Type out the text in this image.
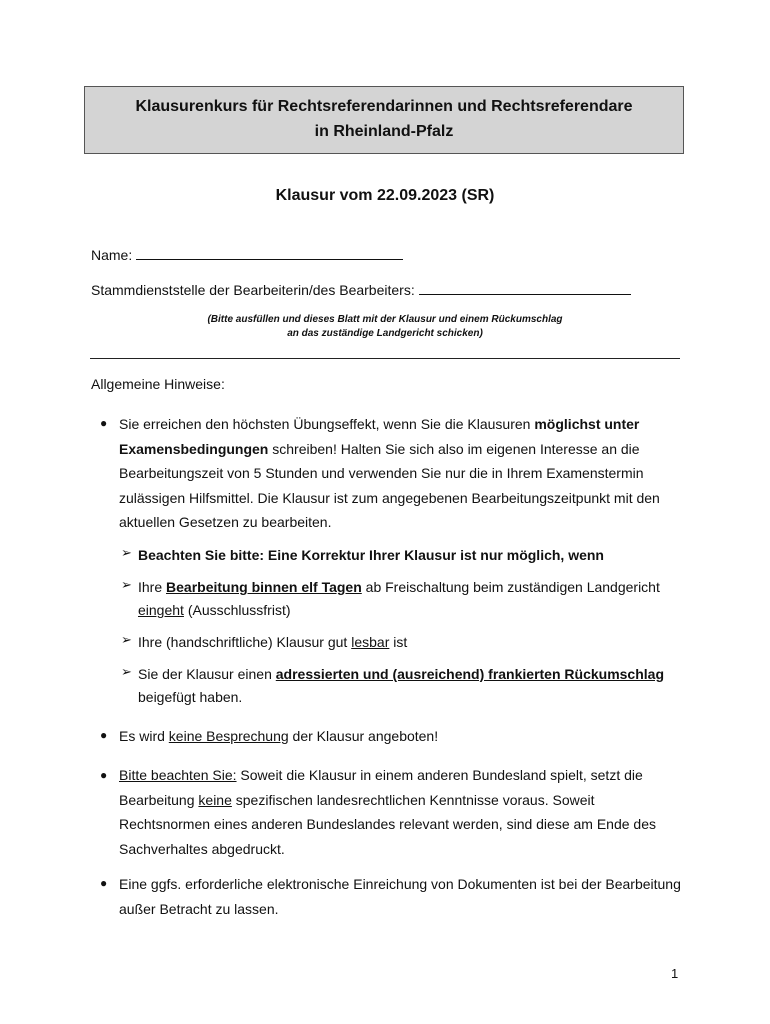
Klausurenkurs für Rechtsreferendarinnen und Rechtsreferendare
in Rheinland-Pfalz
Klausur vom 22.09.2023 (SR)
Name:
Stammdienststelle der Bearbeiterin/des Bearbeiters:
(Bitte ausfüllen und dieses Blatt mit der Klausur und einem Rückumschlag
an das zuständige Landgericht schicken)
Allgemeine Hinweise:
● Sie erreichen den höchsten Übungseffekt, wenn Sie die Klausuren möglichst unter Examensbedingungen schreiben! Halten Sie sich also im eigenen Interesse an die Bearbeitungszeit von 5 Stunden und verwenden Sie nur die in Ihrem Examenstermin zulässigen Hilfsmittel. Die Klausur ist zum angegebenen Bearbeitungszeitpunkt mit den aktuellen Gesetzen zu bearbeiten.
➢ Beachten Sie bitte: Eine Korrektur Ihrer Klausur ist nur möglich, wenn
➢ Ihre Bearbeitung binnen elf Tagen ab Freischaltung beim zuständigen Landgericht eingeht (Ausschlussfrist)
➢ Ihre (handschriftliche) Klausur gut lesbar ist
➢ Sie der Klausur einen adressierten und (ausreichend) frankierten Rückumschlag beigefügt haben.
● Es wird keine Besprechung der Klausur angeboten!
● Bitte beachten Sie: Soweit die Klausur in einem anderen Bundesland spielt, setzt die Bearbeitung keine spezifischen landesrechtlichen Kenntnisse voraus. Soweit Rechtsnormen eines anderen Bundeslandes relevant werden, sind diese am Ende des Sachverhaltes abgedruckt.
● Eine ggfs. erforderliche elektronische Einreichung von Dokumenten ist bei der Bearbeitung außer Betracht zu lassen.
1
